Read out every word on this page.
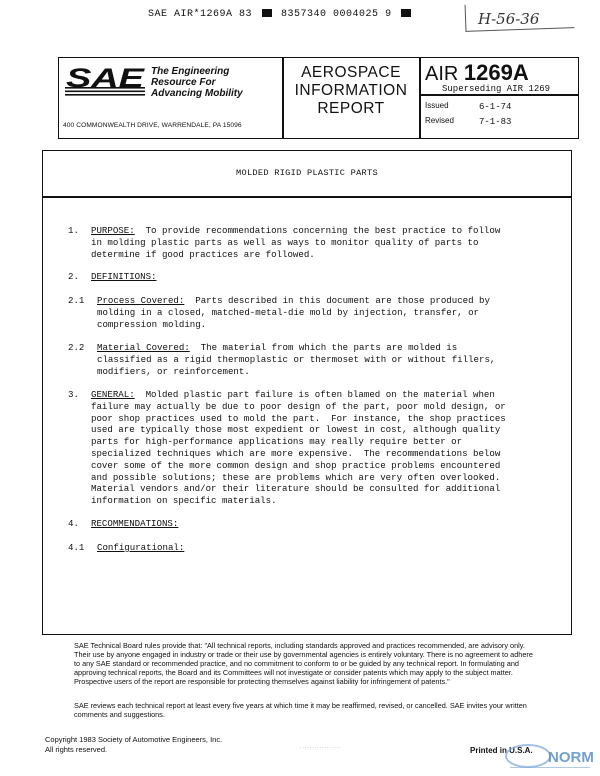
SAE AIR*1269A 83	8357340 0004025 9	H-56-36
SAE The Engineering
Resource For
Advancing Mobility
400 COMMONWEALTH DRIVE, WARRENDALE, PA 15096
AEROSPACE
INFORMATION
REPORT
AIR 1269A
Superseding AIR 1269
Issued	6-1-74
Revised	7-1-83
MOLDED RIGID PLASTIC PARTS
1. PURPOSE: To provide recommendations concerning the best practice to follow
in molding plastic parts as well as ways to monitor quality of parts to
determine if good practices are followed.
2. DEFINITIONS:
2.1 Process Covered: Parts described in this document are those produced by
molding in a closed, matched-metal-die mold by injection, transfer, or
compression molding.
2.2 Material Covered: The material from which the parts are molded is
classified as a rigid thermoplastic or thermoset with or without fillers,
modifiers, or reinforcement.
3. GENERAL: Molded plastic part failure is often blamed on the material when
failure may actually be due to poor design of the part, poor mold design, or
poor shop practices used to mold the part.  For instance, the shop practices
used are typically those most expedient or lowest in cost, although quality
parts for high-performance applications may really require better or
specialized techniques which are more expensive.  The recommendations below
cover some of the more common design and shop practice problems encountered
and possible solutions; these are problems which are very often overlooked.
Material vendors and/or their literature should be consulted for additional
information on specific materials.
4. RECOMMENDATIONS:
4.1 Configurational:
SAE Technical Board rules provide that: "All technical reports, including standards approved and practices recommended, are advisory only. Their use by anyone engaged in industry or trade or their use by governmental agencies is entirely voluntary. There is no agreement to adhere to any SAE standard or recommended practice, and no commitment to conform to or be guided by any technical report. In formulating and approving technical reports, the Board and its Committees will not investigate or consider patents which may apply to the subject matter. Prospective users of the report are responsible for protecting themselves against liability for infringement of patents."
SAE reviews each technical report at least every five years at which time it may be reaffirmed, revised, or cancelled. SAE invites your written comments and suggestions.
Copyright 1983 Society of Automotive Engineers, Inc.
All rights reserved.	· · · · · · · · · · · · · · · · ·	Printed in U.S.A. NORM
